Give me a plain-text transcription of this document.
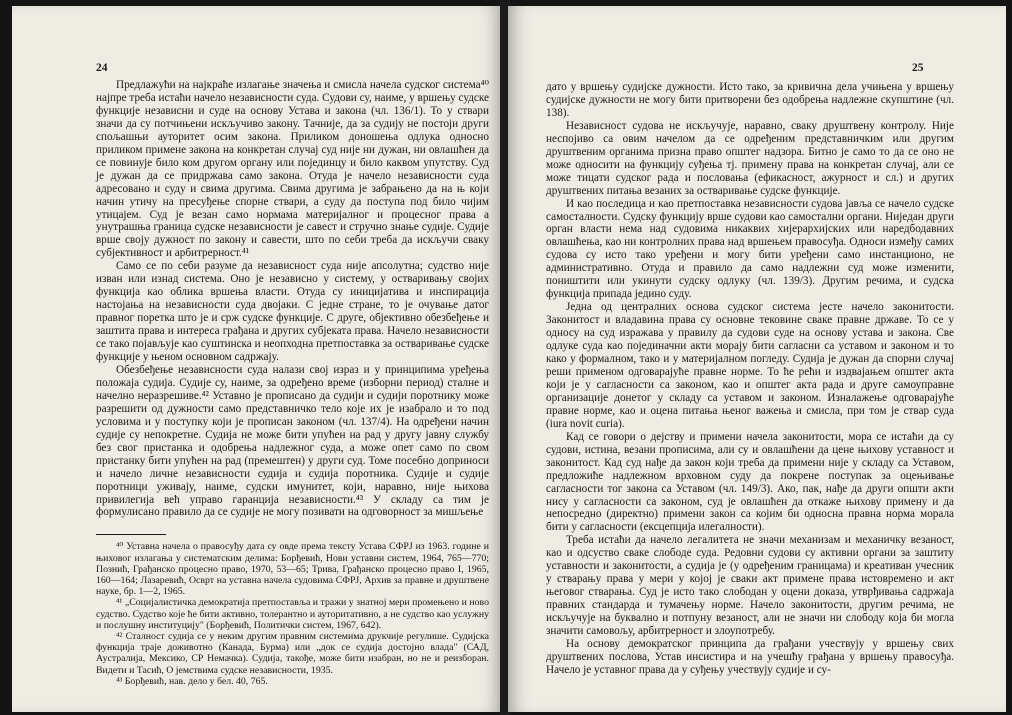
24

Предлажући на најкраће излагање значења и смисла начела судског система⁴⁰ најпре треба истаћи начело независности суда. Судови су, наиме, у вршењу судске функције независни и суде на основу Устава и закона (чл. 136/1). То у ствари значи да су потчињени искључиво закону. Тачније, да за судију не постоји други спољашњи ауторитет осим закона. Приликом доношења одлука односно приликом примене закона на конкретан случај суд није ни дужан, ни овлашћен да се повинује било ком другом органу или појединцу и било каквом упутству. Суд је дужан да се придржава само закона. Отуда је начело независности суда адресовано и суду и свима другима. Свима другима је забрањено да на њ који начин утичу на пресуђење спорне ствари, а суду да поступа под било чијим утицајем. Суд је везан само нормама материјалног и процесног права а унутрашња граница судске независности је савест и стручно знање судије. Судије врше своју дужност по закону и савести, што по себи треба да искључи сваку субјективност и арбитрерност.⁴¹

Само се по себи разуме да независност суда није апсолутна; судство није изван или изнад система. Оно је независно у систему, у остваривању својих функција као облика вршења власти. Отуда су иницијатива и инспирација настојања на независности суда двојаки. С једне стране, то је очување датог правног поретка што је и срж судске функције. С друге, објективно обезбеђење и заштита права и интереса грађана и других субјеката права. Начело независности се тако појављује као суштинска и неопходна претпоставка за остваривање судске функције у њеном основном садржају.

Обезбеђење независности суда налази свој израз и у принципима уређења положаја судија. Судије су, наиме, за одређено време (изборни период) сталне и начелно неразрешиве.⁴² Уставно је прописано да судији и судији поротнику може разрешити од дужности само представничко тело које их је изабрало и то под условима и у поступку који је прописан законом (чл. 137/4). На одређени начин судије су непокретне. Судија не може бити упућен на рад у другу јавну службу без свог пристанка и одобрења надлежног суда, а може опет само по свом пристанку бити упућен на рад (премештен) у други суд. Томе посебно доприноси и начело личне независности судија и судија поротника. Судије и судије поротници уживају, наиме, судски имунитет, који, наравно, није њихова привилегија већ управо гаранција независности.⁴³ У складу са тим је формулисано правило да се судије не могу позивати на одговорност за мишљење

⁴⁰ Уставна начела о правосуђу дата су овде према тексту Устава СФРЈ из 1963. године и њиховог излагања у систематским делима: Борђевић, Нови уставни систем, 1964, 765—770; Познић, Грађанско процесно право, 1970, 53—65; Трива, Грађанско процесно право I, 1965, 160—164; Лазаревић, Осврт на уставна начела судовима СФРЈ, Архив за правне и друштвене науке, бр. 1—2, 1965.

⁴¹ „Социјалистичка демократија претпоставља и тражи у знатној мери промењено и ново судство. Судство које ће бити активно, толерантно и ауторитативно, а не судство као услужну и послушну институцију" (Борђевић, Политички систем, 1967, 642).

⁴² Сталност судија се у неким другим правним системима друкчије регулише. Судијска функција траје доживотно (Канада, Бурма) или „док се судија достојно влада" (САД, Аустралија, Мексико, СР Немачка). Судија, такође, може бити изабран, но не и реизборан. Видети и Тасић, О јемствима судске независности, 1935.

⁴³ Борђевић, нав. дело у бел. 40, 765.

25

дато у вршењу судијске дужности. Исто тако, за кривична дела учињена у вршењу судијске дужности не могу бити притворени без одобрења надлежне скупштине (чл. 138).

Независност судова не искључује, наравно, сваку друштвену контролу. Није неспојиво са овим начелом да се одређеним представничким или другим друштвеним органима призна право општег надзора. Битно је само то да се оно не може односити на функцију суђења тј. примену права на конкретан случај, али се може тицати судског рада и пословања (ефикасност, ажурност и сл.) и других друштвених питања везаних за остваривање судске функције.

И као последица и као претпоставка независности судова јавља се начело судске самосталности. Судску функцију врше судови као самостални органи. Ниједан други орган власти нема над судовима никаквих хијерархијских или наредбодавних овлашћења, као ни контролних права над вршењем правосуђа. Односи између самих судова су исто тако уређени и могу бити уређени само инстанционо, не административно. Отуда и правило да само надлежни суд може изменити, поништити или укинути судску одлуку (чл. 139/3). Другим речима, и судска функција припада једино суду.

Једна од централних основа судског система јесте начело законитости. Законитост и владавина права су основне тековине сваке правне државе. То се у односу на суд изражава у правилу да судови суде на основу устава и закона. Све одлуке суда као појединачни акти морају бити сагласни са уставом и законом и то како у формалном, тако и у материјалном погледу. Судија је дужан да спорни случај реши применом одговарајуће правне норме. То ће рећи и издвајањем општег акта који је у сагласности са законом, као и општег акта рада и друге самоуправне организације донетог у складу са уставом и законом. Изналажење одговарајуће правне норме, као и оцена питања њеног важења и смисла, при том је ствар суда (iura novit curia).

Кад се говори о дејству и примени начела законитости, мора се истаћи да су судови, истина, везани прописима, али су и овлашћени да цене њихову уставност и законитост. Кад суд нађе да закон који треба да примени није у складу са Уставом, предложиће надлежном врховном суду да покрене поступак за оцењивање сагласности тог закона са Уставом (чл. 149/3). Ако, пак, нађе да други општи акти нису у сагласности са законом, суд је овлашћен да откаже њихову примену и да непосредно (директно) примени закон са којим би односна правна норма морала бити у сагласности (ексцепција илегалности).

Треба истаћи да начело легалитета не значи механизам и механичку везаност, као и одсуство сваке слободе суда. Редовни судови су активни органи за заштиту уставности и законитости, а судија је (у одређеним границама) и креативан учесник у стварању права у мери у којој је сваки акт примене права истовремено и акт његовог стварања. Суд је исто тако слободан у оцени доказа, утврђивања садржаја правних стандарда и тумачењу норме. Начело законитости, другим речима, не искључује на буквално и потпуну везаност, али не значи ни слободу која би могла значити самовољу, арбитрерност и злоупотребу.

На основу демократског принципа да грађани учествују у вршењу свих друштвених послова, Устав инсистира и на учешћу грађана у вршењу правосуђа. Начело је уставног права да у суђењу учествују судије и су-
